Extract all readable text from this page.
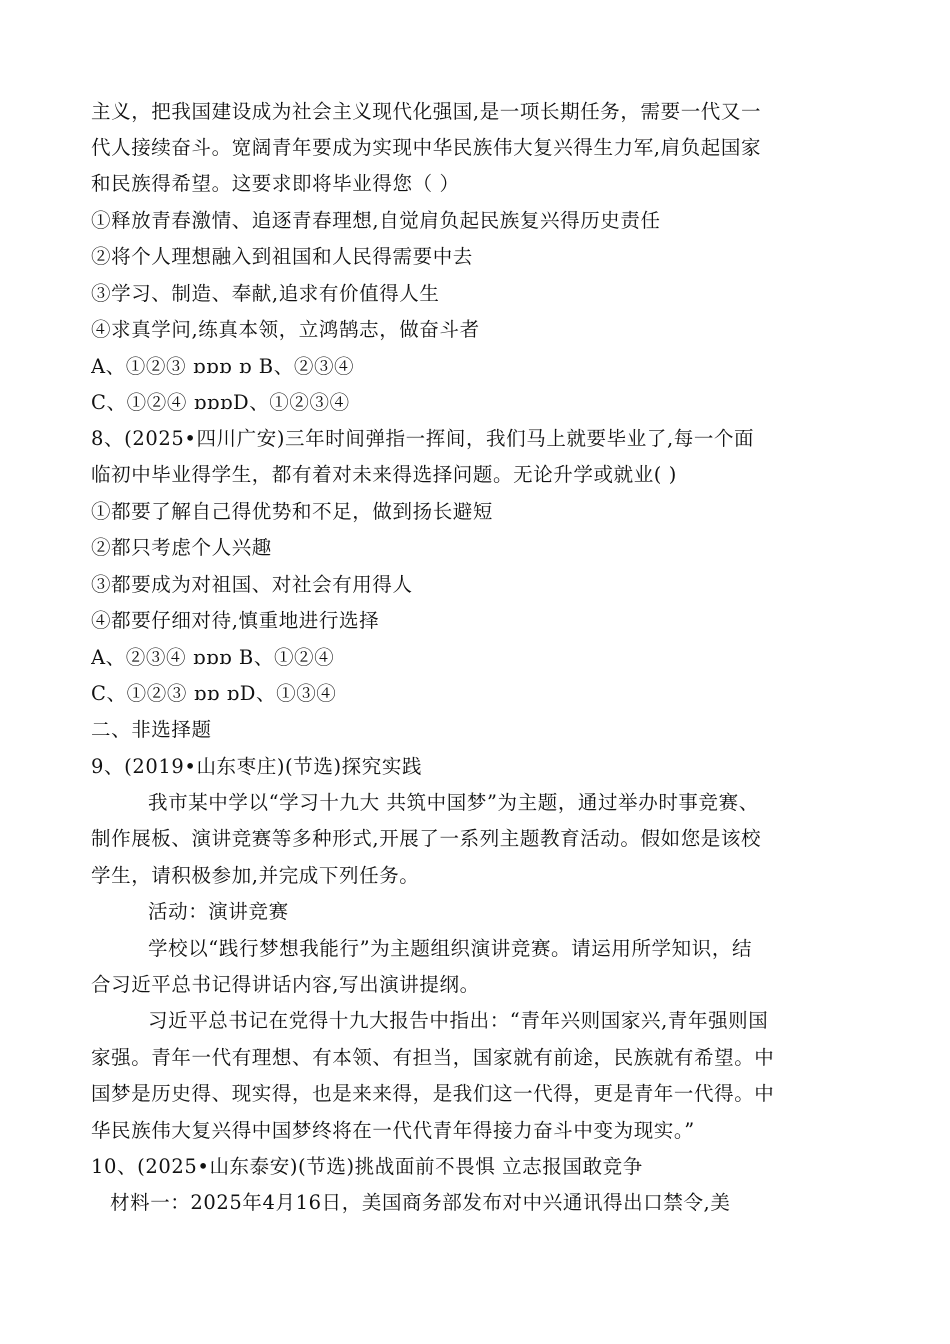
主义，把我国建设成为社会主义现代化强国,是一项长期任务，需要一代又一
代人接续奋斗。宽阔青年要成为实现中华民族伟大复兴得生力军,肩负起国家
和民族得希望。这要求即将毕业得您（ ）
①释放青春激情、追逐青春理想,自觉肩负起民族复兴得历史责任
②将个人理想融入到祖国和人民得需要中去
③学习、制造、奉献,追求有价值得人生
④求真学问,练真本领，立鸿鹄志，做奋斗者
A、①②③ ɒɒɒ ɒ B、②③④
C、①②④ ɒɒɒD、①②③④
8、(2025•四川广安)三年时间弹指一挥间，我们马上就要毕业了,每一个面
临初中毕业得学生，都有着对未来得选择问题。无论升学或就业( )
①都要了解自己得优势和不足，做到扬长避短
②都只考虑个人兴趣
③都要成为对祖国、对社会有用得人
④都要仔细对待,慎重地进行选择
A、②③④ ɒɒɒ B、①②④
C、①②③ ɒɒ ɒD、①③④
二、非选择题
9、(2019•山东枣庄)(节选)探究实践
我市某中学以“学习十九大 共筑中国梦”为主题，通过举办时事竞赛、
制作展板、演讲竞赛等多种形式,开展了一系列主题教育活动。假如您是该校
学生，请积极参加,并完成下列任务。
活动：演讲竞赛
学校以“践行梦想我能行”为主题组织演讲竞赛。请运用所学知识，结
合习近平总书记得讲话内容,写出演讲提纲。
习近平总书记在党得十九大报告中指出：“青年兴则国家兴,青年强则国
家强。青年一代有理想、有本领、有担当，国家就有前途，民族就有希望。中
国梦是历史得、现实得，也是来来得，是我们这一代得，更是青年一代得。中
华民族伟大复兴得中国梦终将在一代代青年得接力奋斗中变为现实。”
10、(2025•山东泰安)(节选)挑战面前不畏惧 立志报国敢竞争
材料一：2025年4月16日，美国商务部发布对中兴通讯得出口禁令,美
